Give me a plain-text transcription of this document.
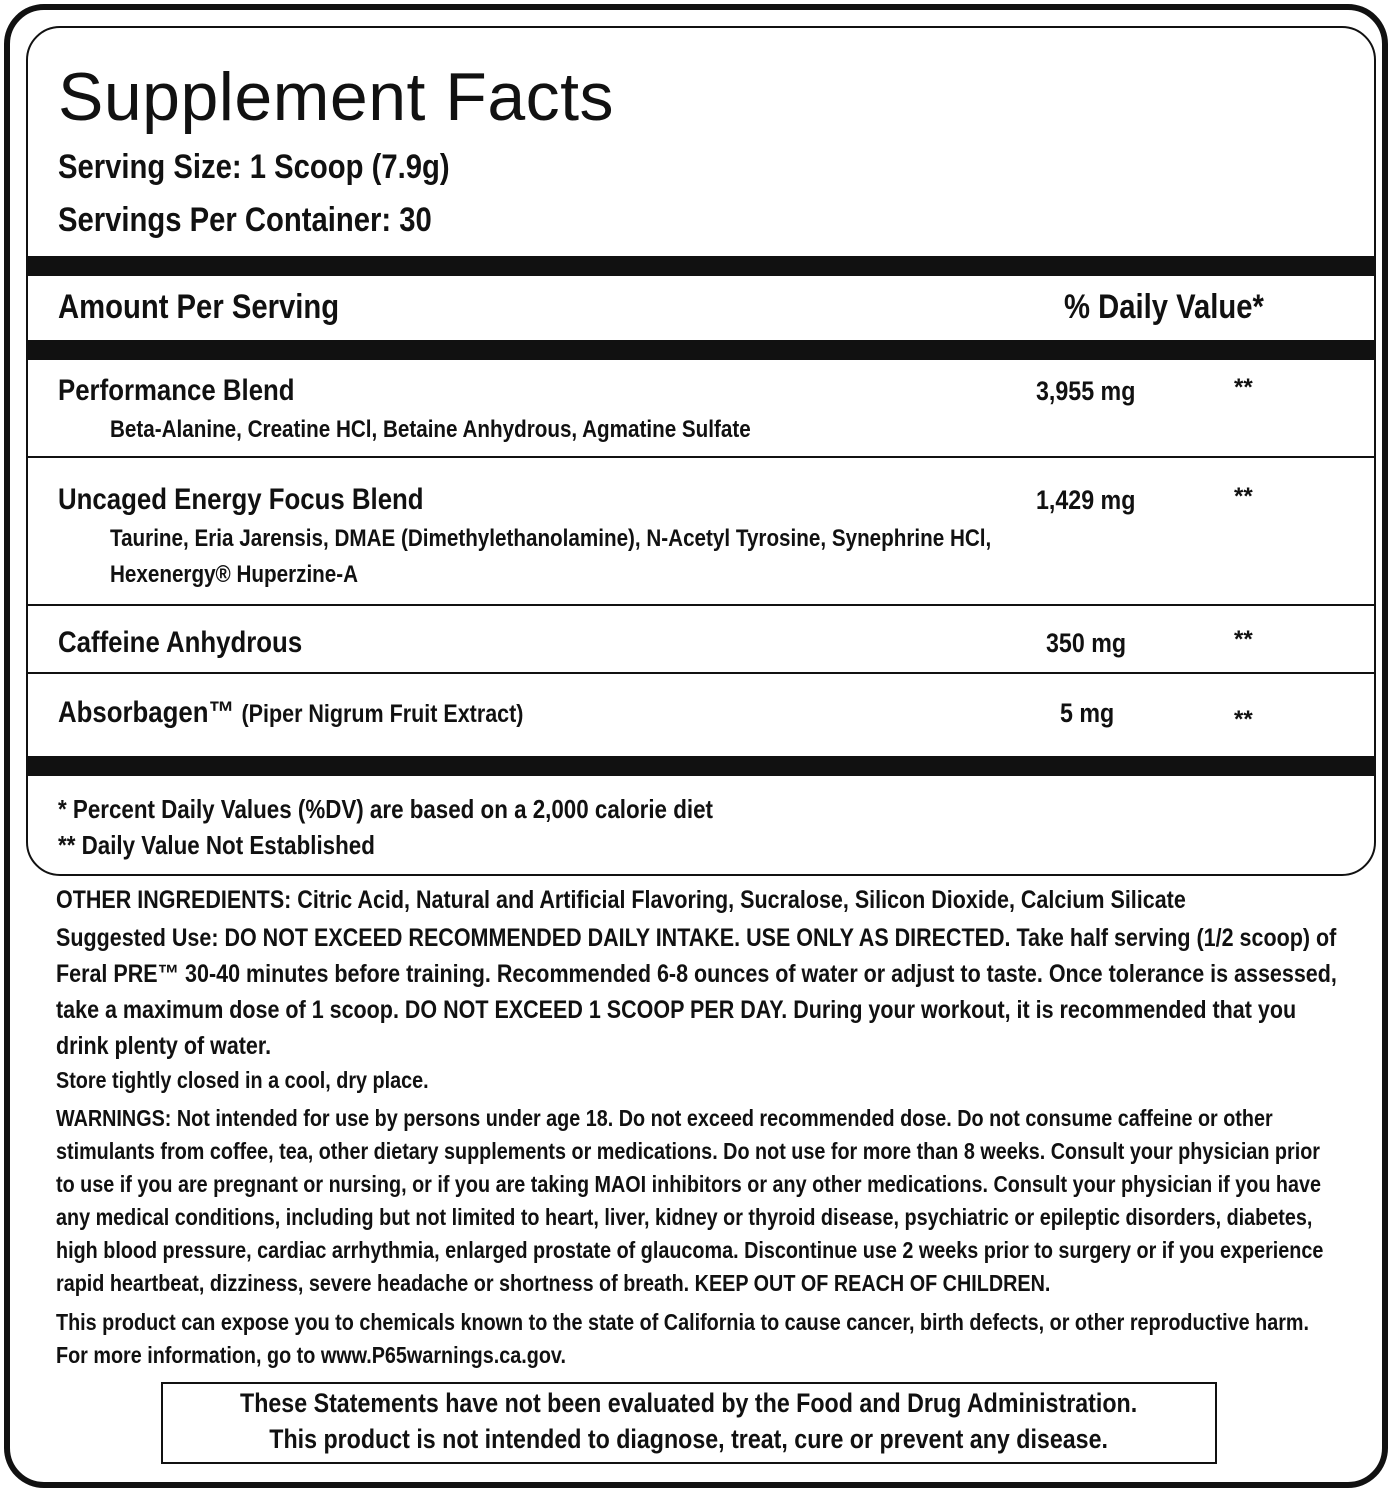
Supplement Facts
Serving Size: 1 Scoop (7.9g)
Servings Per Container: 30
Amount Per Serving	% Daily Value*
Performance Blend	3,955 mg	**
Beta-Alanine, Creatine HCl, Betaine Anhydrous, Agmatine Sulfate
Uncaged Energy Focus Blend	1,429 mg	**
Taurine, Eria Jarensis, DMAE (Dimethylethanolamine), N-Acetyl Tyrosine, Synephrine HCl, Hexenergy® Huperzine-A
Caffeine Anhydrous	350 mg	**
Absorbagen™ (Piper Nigrum Fruit Extract)	5 mg	**
* Percent Daily Values (%DV) are based on a 2,000 calorie diet
** Daily Value Not Established

OTHER INGREDIENTS: Citric Acid, Natural and Artificial Flavoring, Sucralose, Silicon Dioxide, Calcium Silicate

Suggested Use: DO NOT EXCEED RECOMMENDED DAILY INTAKE. USE ONLY AS DIRECTED. Take half serving (1/2 scoop) of Feral PRE™ 30-40 minutes before training. Recommended 6-8 ounces of water or adjust to taste. Once tolerance is assessed, take a maximum dose of 1 scoop. DO NOT EXCEED 1 SCOOP PER DAY. During your workout, it is recommended that you drink plenty of water.

Store tightly closed in a cool, dry place.

WARNINGS: Not intended for use by persons under age 18. Do not exceed recommended dose. Do not consume caffeine or other stimulants from coffee, tea, other dietary supplements or medications. Do not use for more than 8 weeks. Consult your physician prior to use if you are pregnant or nursing, or if you are taking MAOI inhibitors or any other medications. Consult your physician if you have any medical conditions, including but not limited to heart, liver, kidney or thyroid disease, psychiatric or epileptic disorders, diabetes, high blood pressure, cardiac arrhythmia, enlarged prostate of glaucoma. Discontinue use 2 weeks prior to surgery or if you experience rapid heartbeat, dizziness, severe headache or shortness of breath. KEEP OUT OF REACH OF CHILDREN.

This product can expose you to chemicals known to the state of California to cause cancer, birth defects, or other reproductive harm. For more information, go to www.P65warnings.ca.gov.

These Statements have not been evaluated by the Food and Drug Administration.
This product is not intended to diagnose, treat, cure or prevent any disease.
